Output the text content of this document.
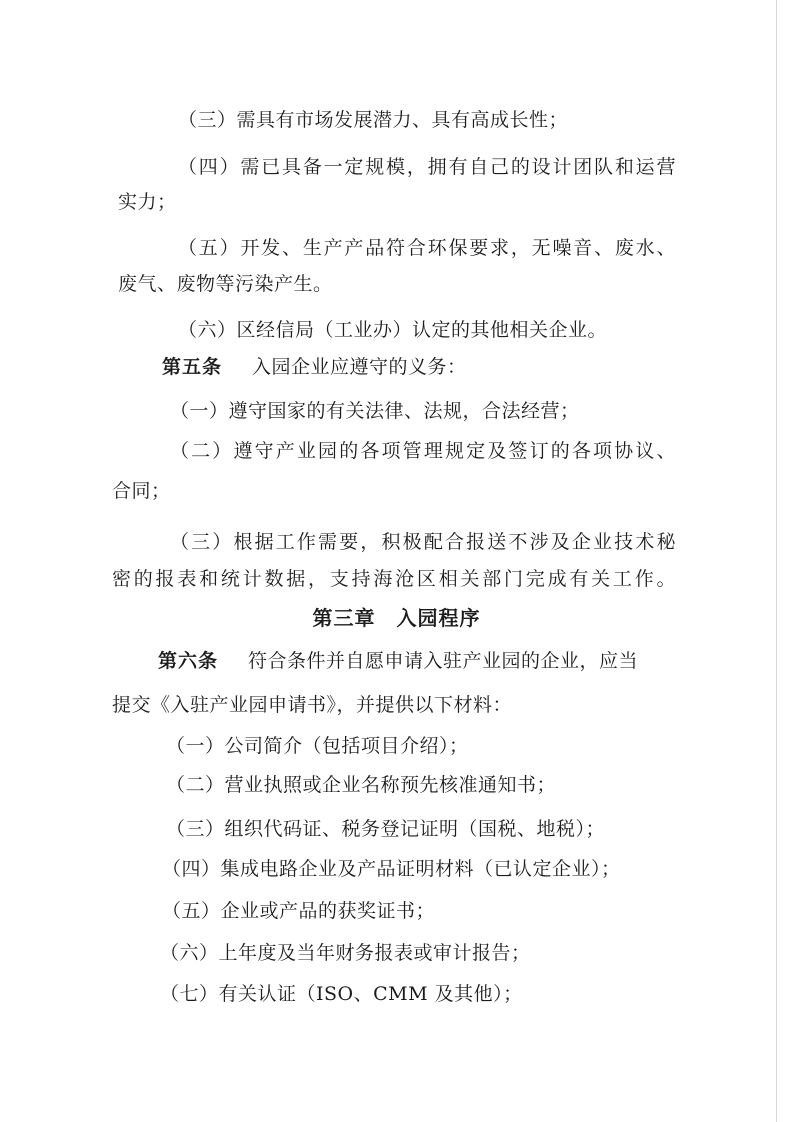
（三）需具有市场发展潜力、具有高成长性；
（四）需已具备一定规模，拥有自己的设计团队和运营
实力；
（五）开发、生产产品符合环保要求，无噪音、废水、
废气、废物等污染产生。
（六）区经信局（工业办）认定的其他相关企业。
第五条 入园企业应遵守的义务：
（一）遵守国家的有关法律、法规，合法经营；
（二）遵守产业园的各项管理规定及签订的各项协议、
合同；
（三）根据工作需要，积极配合报送不涉及企业技术秘
密的报表和统计数据，支持海沧区相关部门完成有关工作。
第三章　入园程序
第六条 符合条件并自愿申请入驻产业园的企业，应当
提交《入驻产业园申请书》，并提供以下材料：
（一）公司简介（包括项目介绍）；
（二）营业执照或企业名称预先核准通知书；
（三）组织代码证、税务登记证明（国税、地税）；
（四）集成电路企业及产品证明材料（已认定企业）；
（五）企业或产品的获奖证书；
（六）上年度及当年财务报表或审计报告；
（七）有关认证（ISO、CMM 及其他）；
